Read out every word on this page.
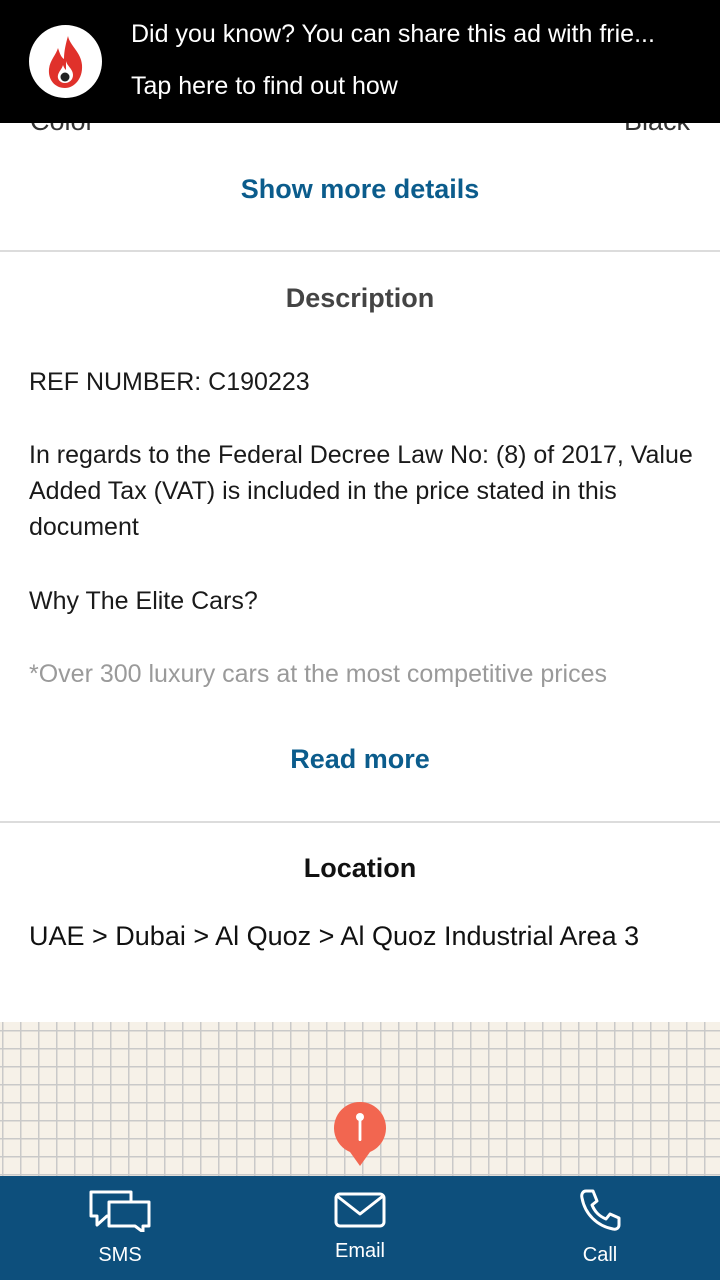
Did you know? You can share this ad with frie...
Tap here to find out how
Show more details
Description
REF NUMBER: C190223
In regards to the Federal Decree Law No: (8) of 2017, Value Added Tax (VAT) is included in the price stated in this document
Why The Elite Cars?
*Over 300 luxury cars at the most competitive prices
Read more
Location
UAE > Dubai > Al Quoz > Al Quoz Industrial Area 3
SMS	Email	Call
